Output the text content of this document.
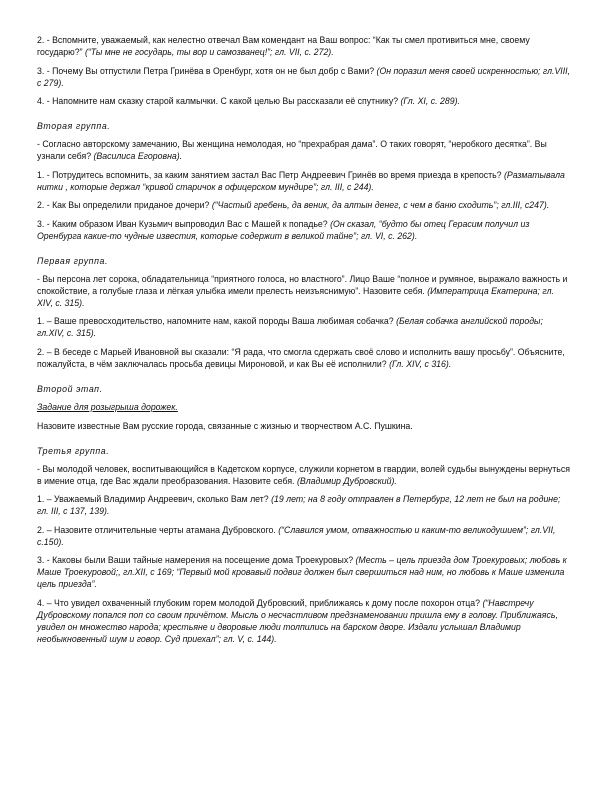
2. - Вспомните, уважаемый, как нелестно отвечал Вам комендант на Ваш вопрос: “Как ты смел противиться мне, своему государю?” (“Ты мне не государь, ты вор и самозванец!”; гл. VII, с. 272).

3. - Почему Вы отпустили Петра Гринёва в Оренбург, хотя он не был добр с Вами? (Он поразил меня своей искренностью; гл.VIII, с 279).

4. - Напомните нам сказку старой калмычки. С какой целью Вы рассказали её спутнику? (Гл. XI, с. 289).

Вторая группа.

- Согласно авторскому замечанию, Вы женщина немолодая, но “прехрабрая дама”. О таких говорят, “неробкого десятка”. Вы узнали себя? (Василиса Егоровна).

1. - Потрудитесь вспомнить, за каким занятием застал Вас Петр Андреевич Гринёв во время приезда в крепость? (Разматывала нитки , которые держал “кривой старичок в офицерском мундире”; гл. III, с 244).

2. - Как Вы определили приданое дочери? (“Частый гребень, да веник, да алтын денег, с чем в баню сходить”; гл.III, с247).

3. - Каким образом Иван Кузьмич выпроводил Вас с Машей к попадье? (Он сказал, “будто бы отец Герасим получил из Оренбурга какие-то чудные известия, которые содержит в великой тайне”; гл. VI, с. 262).

Первая группа.

- Вы персона лет сорока, обладательница “приятного голоса, но властного”. Лицо Ваше “полное и румяное, выражало важность и спокойствие, а голубые глаза и лёгкая улыбка имели прелесть неизъяснимую”. Назовите себя. (Императрица Екатерина; гл. XIV, с. 315).

1. – Ваше превосходительство, напомните нам, какой породы Ваша любимая собачка? (Белая собачка английской породы; гл.XIV, с. 315).

2. – В беседе с Марьей Ивановной вы сказали: “Я рада, что смогла сдержать своё слово и исполнить вашу просьбу”. Объясните, пожалуйста, в чём заключалась просьба девицы Мироновой, и как Вы её исполнили? (Гл. XIV, с 316).

Второй этап.

Задание для розыгрыша дорожек.

Назовите известные Вам русские города, связанные с жизнью и творчеством А.С. Пушкина.

Третья группа.

- Вы молодой человек, воспитывающийся в Кадетском корпусе, служили корнетом в гвардии, волей судьбы вынуждены вернуться в имение отца, где Вас ждали преобразования. Назовите себя. (Владимир Дубровский).

1. – Уважаемый Владимир Андреевич, сколько Вам лет? (19 лет; на 8 году отправлен в Петербург, 12 лет не был на родине; гл. III, с 137, 139).

2. – Назовите отличительные черты атамана Дубровского. (“Славился умом, отважностью и каким-то великодушием”; гл.VII, с.150).

3. - Каковы были Ваши тайные намерения на посещение дома Троекуровых? (Месть – цель приезда дом Троекуровых; любовь к Маше Троекуровой;, гл.XII, с 169; “Первый мой кровавый подвиг должен был свершиться над ним, но любовь к Маше изменила цель приезда”.

4. – Что увидел охваченный глубоким горем молодой Дубровский, приближаясь к дому после похорон отца? (“Навстречу Дубровскому попался поп со своим причётом. Мысль о несчастливом предзнаменовании пришла ему в голову. Приближаясь, увидел он множество народа; крестьяне и дворовые люди толпились на барском дворе. Издали услышал Владимир необыкновенный шум и говор. Суд приехал”; гл. V, с. 144).
